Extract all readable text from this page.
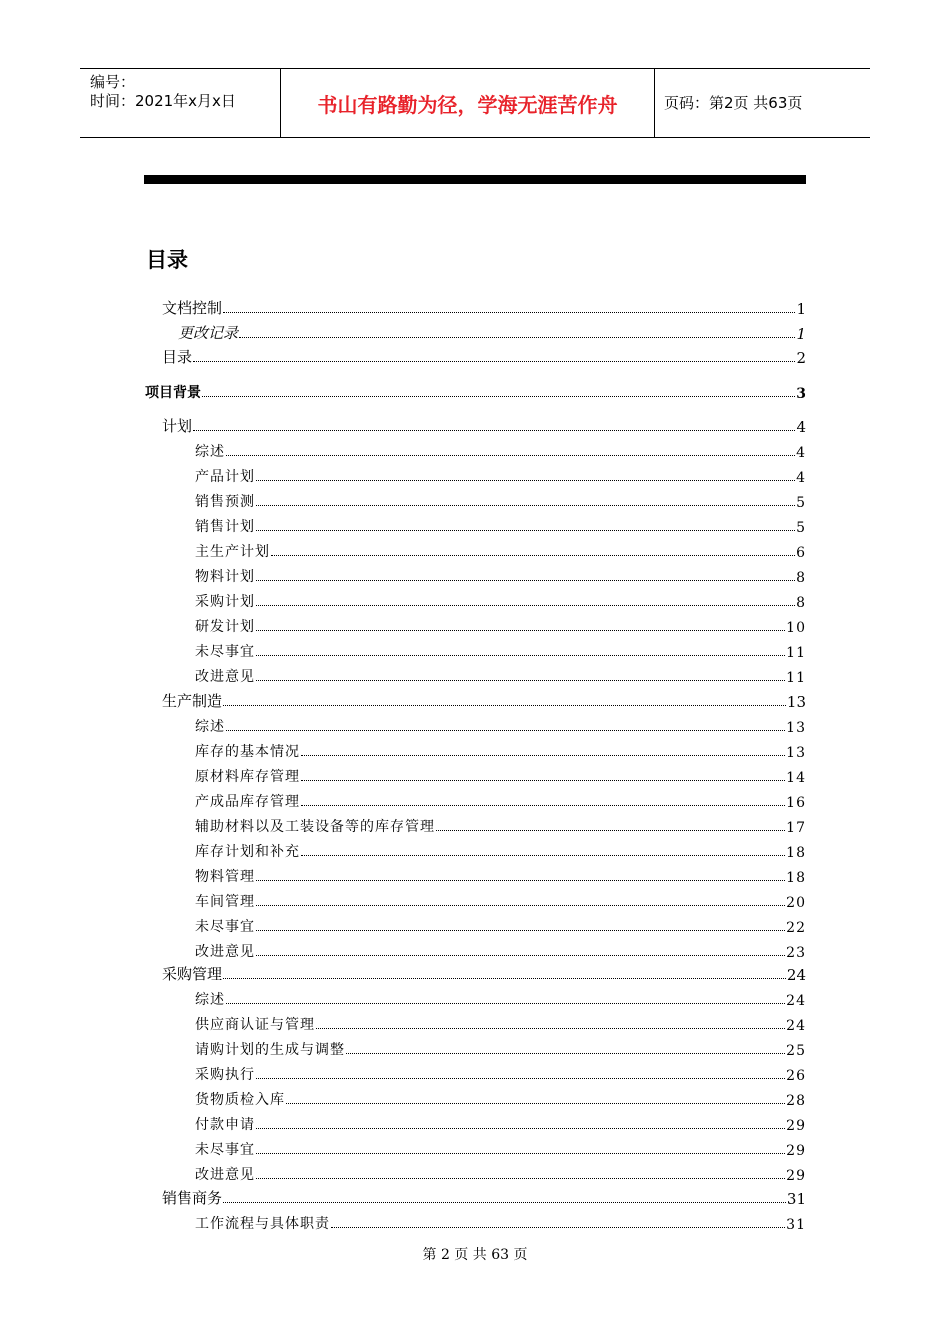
编号：
时间：2021年x月x日	书山有路勤为径，学海无涯苦作舟	页码：第2页 共63页
目录
文档控制	1
更改记录	1
目录	2
项目背景	3
计划	4
综述	4
产品计划	4
销售预测	5
销售计划	5
主生产计划	6
物料计划	8
采购计划	8
研发计划	10
未尽事宜	11
改进意见	11
生产制造	13
综述	13
库存的基本情况	13
原材料库存管理	14
产成品库存管理	16
辅助材料以及工装设备等的库存管理	17
库存计划和补充	18
物料管理	18
车间管理	20
未尽事宜	22
改进意见	23
采购管理	24
综述	24
供应商认证与管理	24
请购计划的生成与调整	25
采购执行	26
货物质检入库	28
付款申请	29
未尽事宜	29
改进意见	29
销售商务	31
工作流程与具体职责	31
第 2 页 共 63 页
